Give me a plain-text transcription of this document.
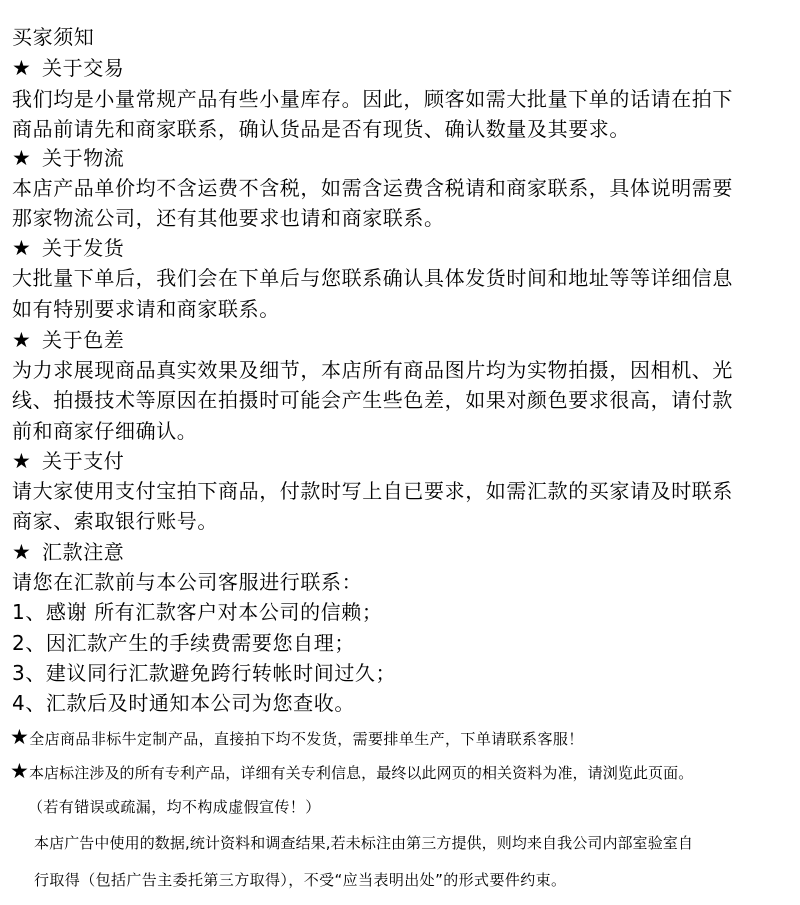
买家须知
★ 关于交易
我们均是小量常规产品有些小量库存。因此，顾客如需大批量下单的话请在拍下
商品前请先和商家联系，确认货品是否有现货、确认数量及其要求。
★ 关于物流
本店产品单价均不含运费不含税，如需含运费含税请和商家联系，具体说明需要
那家物流公司，还有其他要求也请和商家联系。
★ 关于发货
大批量下单后，我们会在下单后与您联系确认具体发货时间和地址等等详细信息
如有特别要求请和商家联系。
★ 关于色差
为力求展现商品真实效果及细节，本店所有商品图片均为实物拍摄，因相机、光
线、拍摄技术等原因在拍摄时可能会产生些色差，如果对颜色要求很高，请付款
前和商家仔细确认。
★ 关于支付
请大家使用支付宝拍下商品，付款时写上自已要求，如需汇款的买家请及时联系
商家、索取银行账号。
★ 汇款注意
请您在汇款前与本公司客服进行联系：
1、感谢 所有汇款客户对本公司的信赖；
2、因汇款产生的手续费需要您自理；
3、建议同行汇款避免跨行转帐时间过久；
4、汇款后及时通知本公司为您查收。
★全店商品非标牛定制产品，直接拍下均不发货，需要排单生产，下单请联系客服！
★本店标注涉及的所有专利产品，详细有关专利信息，最终以此网页的相关资料为准，请浏览此页面。
（若有错误或疏漏，均不构成虚假宣传！）
本店广告中使用的数据,统计资料和调查结果,若未标注由第三方提供，则均来自我公司内部室验室自
行取得（包括广告主委托第三方取得），不受“应当表明出处”的形式要件约束。
